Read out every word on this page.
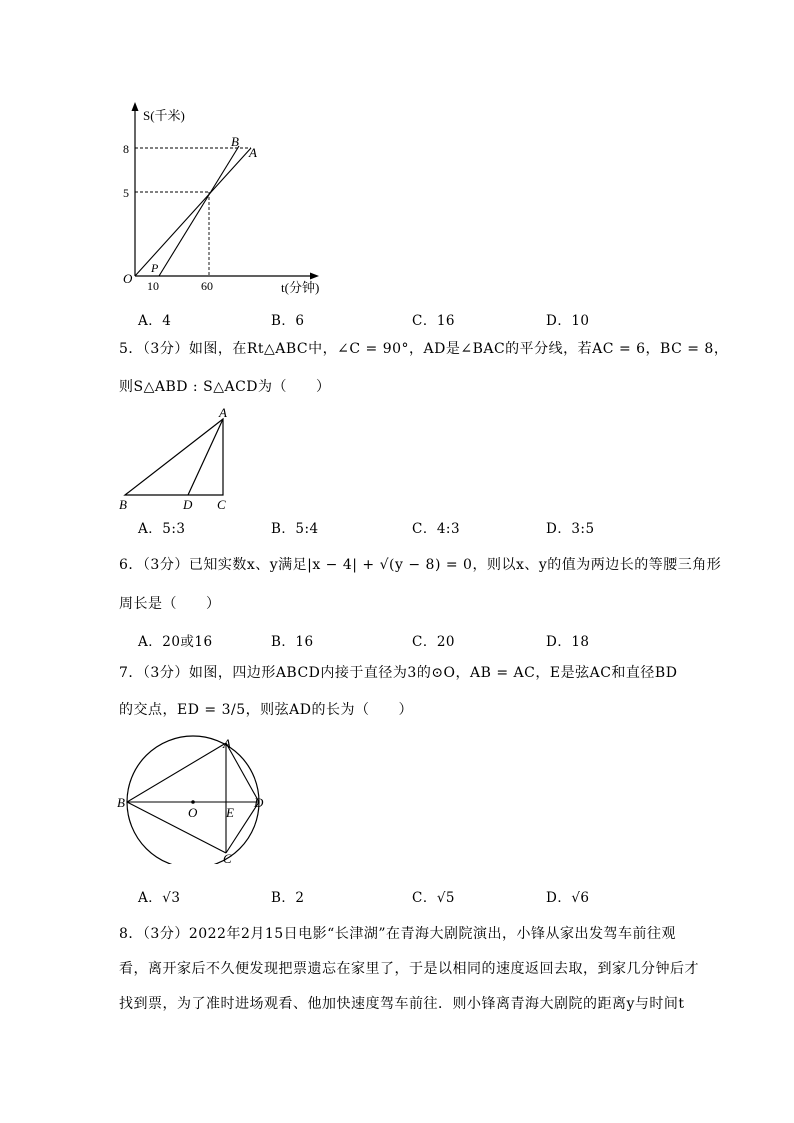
S(千米)
t(分钟)
8
5
10	60
O
B
A
P
A．4	B．6	C．16	D．10
5．（3分）如图，在Rt△ABC中，∠C = 90°，AD是∠BAC的平分线，若AC = 6，BC = 8，
则S△ABD : S△ACD为（　　）
A
B	D C
A．5:3	B．5:4	C．4:3	D．3:5
6．（3分）已知实数x、y满足|x − 4| + √(y − 8) = 0，则以x、y的值为两边长的等腰三角形
周长是（　　）
A．20或16	B．16	C．20	D．18
7．（3分）如图，四边形ABCD内接于直径为3的⊙O，AB = AC，E是弦AC和直径BD
的交点，ED = 3/5，则弦AD的长为（　　）
A
B
O E
D
C
A．√3	B．2	C．√5	D．√6
8．（3分）2022年2月15日电影“长津湖”在青海大剧院演出，小锋从家出发驾车前往观
看，离开家后不久便发现把票遗忘在家里了，于是以相同的速度返回去取，到家几分钟后才
找到票，为了准时进场观看、他加快速度驾车前往．则小锋离青海大剧院的距离y与时间t
